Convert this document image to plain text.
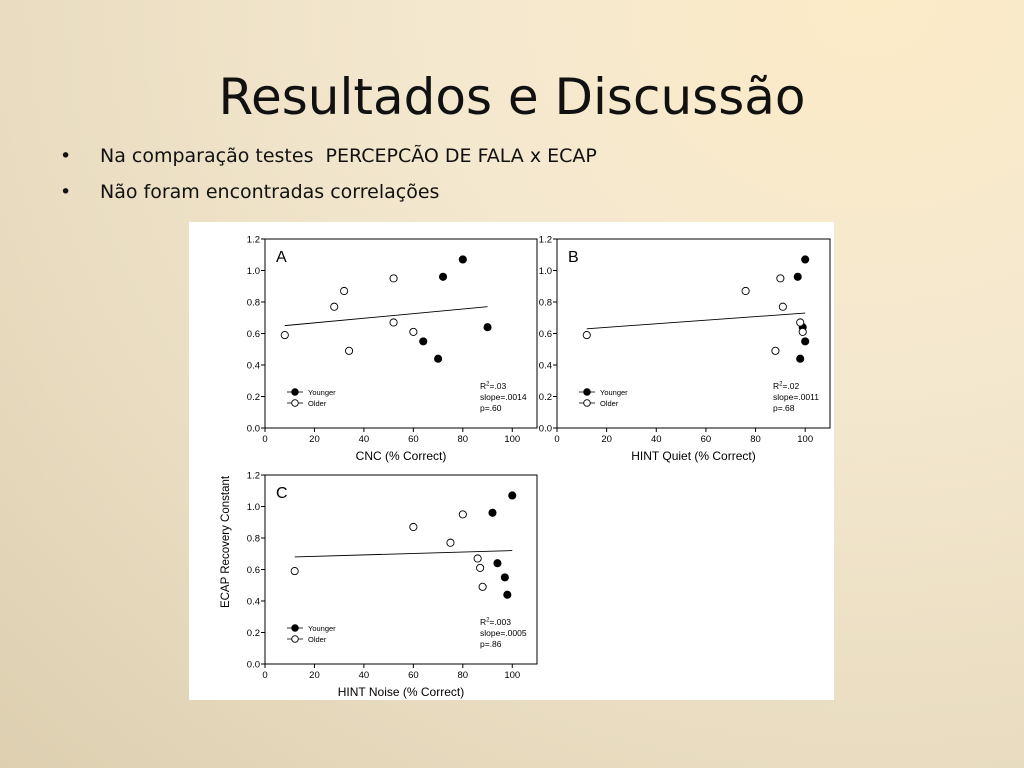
Resultados e Discussão
• Na comparação testes  PERCEPCÃO DE FALA x ECAP
• Não foram encontradas correlações
ECAP Recovery Constant
A
0.0
0.2
0.4
0.6
0.8
1.0
1.2
0	20	40	60	80	100
CNC (% Correct)
Younger
Older
$R^2=.03$
slope=.0014
p=.60
B
0.0
0.2
0.4
0.6
0.8
1.0
1.2
0	20	40	60	80	100
HINT Quiet (% Correct)
Younger
Older
$R^2=.02$
slope=.0011
p=.68
C
0.0
0.2
0.4
0.6
0.8
1.0
1.2
0	20	40	60	80	100
HINT Noise (% Correct)
Younger
Older
$R^2=.003$
slope=.0005
p=.86
